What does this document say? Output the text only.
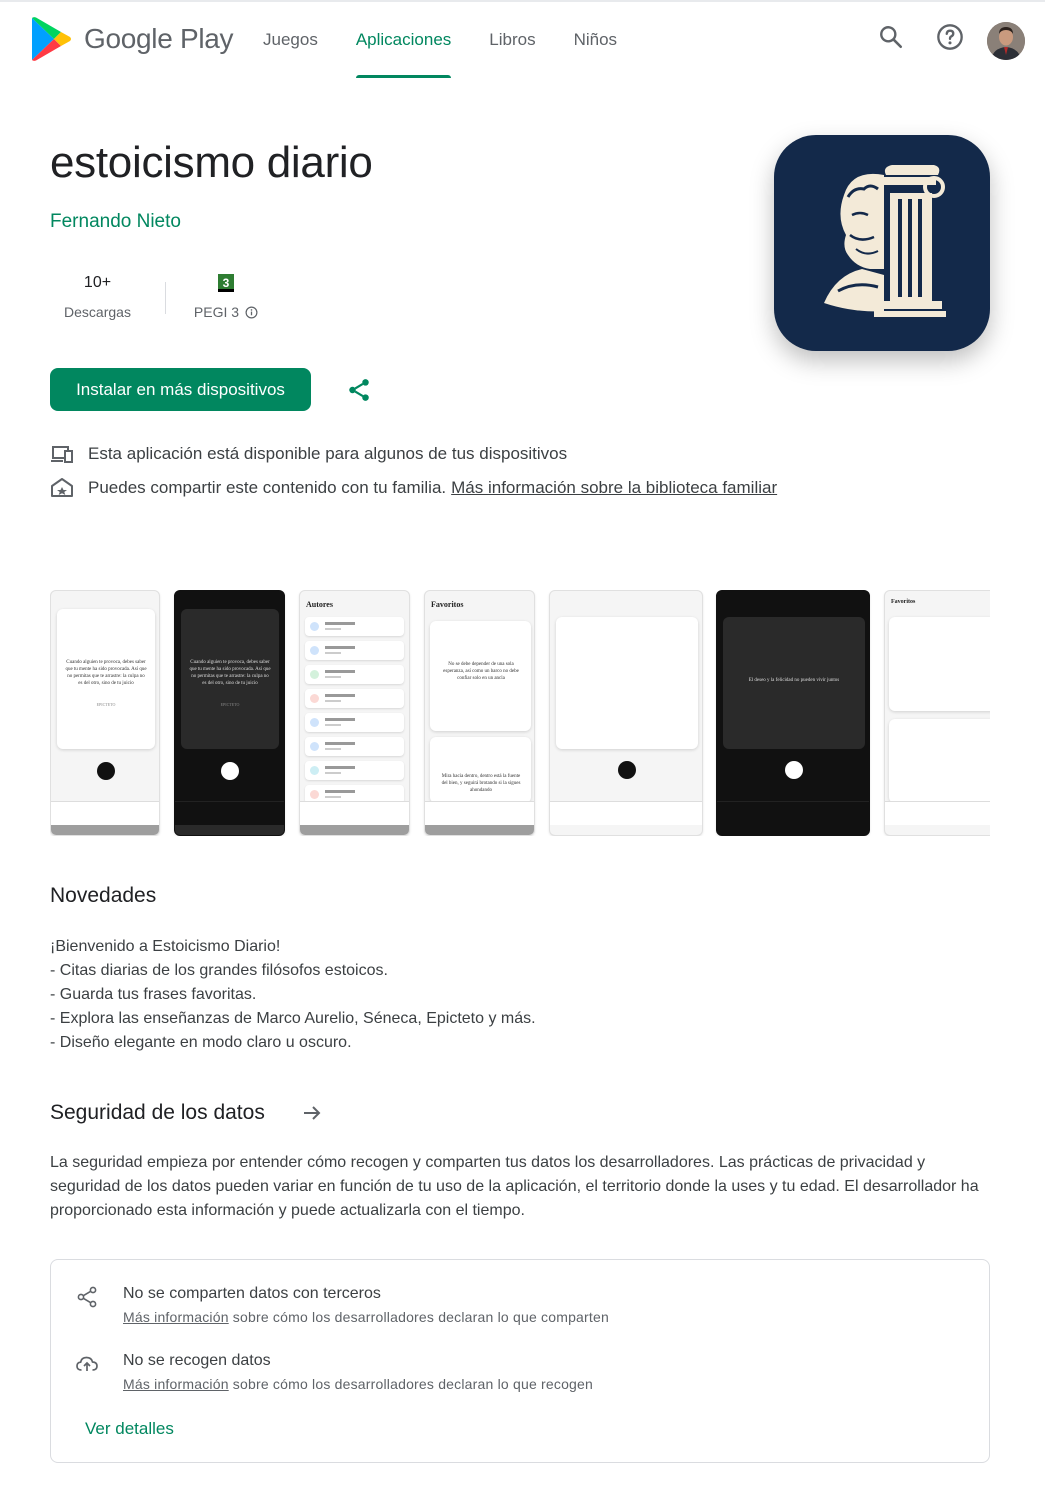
Google Play	Juegos	Aplicaciones	Libros	Niños
estoicismo diario
Fernando Nieto
10+
Descargas
3
PEGI 3
Instalar en más dispositivos
Esta aplicación está disponible para algunos de tus dispositivos
Puedes compartir este contenido con tu familia. Más información sobre la biblioteca familiar
Cuando alguien te provoca, debes saber que tu mente ha sido provocada. Así que no permitas que te arrastre: la culpa no es del otro, sino de tu juicio
EPICTETO
Cuando alguien te provoca, debes saber que tu mente ha sido provocada. Así que no permitas que te arrastre: la culpa no es del otro, sino de tu juicio
EPICTETO
Autores	Favoritos
No se debe depender de una sola esperanza, así como un barco no debe confiar solo en un ancla
Mira hacia dentro, dentro está la fuente del bien, y seguirá brotando si la sigues ahondando
El deseo y la felicidad no pueden vivir juntos
Favoritos
Novedades
¡Bienvenido a Estoicismo Diario!
- Citas diarias de los grandes filósofos estoicos.
- Guarda tus frases favoritas.
- Explora las enseñanzas de Marco Aurelio, Séneca, Epicteto y más.
- Diseño elegante en modo claro u oscuro.
Seguridad de los datos

La seguridad empieza por entender cómo recogen y comparten tus datos los desarrolladores. Las prácticas de privacidad y seguridad de los datos pueden variar en función de tu uso de la aplicación, el territorio donde la uses y tu edad. El desarrollador ha proporcionado esta información y puede actualizarla con el tiempo.

No se comparten datos con terceros
Más información sobre cómo los desarrolladores declaran lo que comparten
No se recogen datos
Más información sobre cómo los desarrolladores declaran lo que recogen
Ver detalles
